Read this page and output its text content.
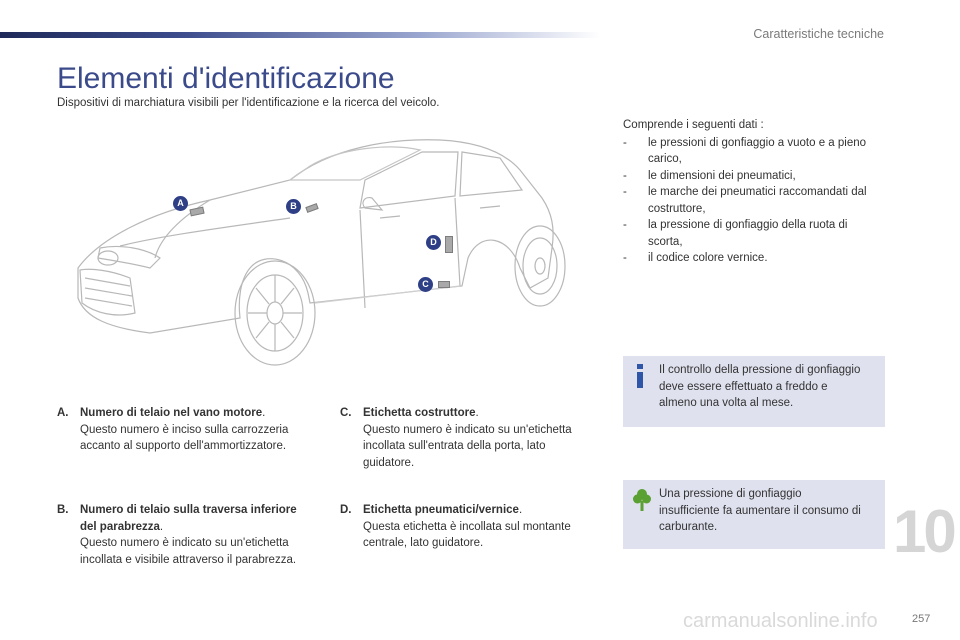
Caratteristiche tecniche
Elementi d'identificazione
Dispositivi di marchiatura visibili per l'identificazione e la ricerca del veicolo.
A	B
D
C
A. Numero di telaio nel vano motore.
Questo numero è inciso sulla carrozzeria
accanto al supporto dell'ammortizzatore.
B. Numero di telaio sulla traversa inferiore
del parabrezza.
Questo numero è indicato su un'etichetta
incollata e visibile attraverso il parabrezza.
C. Etichetta costruttore.
Questo numero è indicato su un'etichetta
incollata sull'entrata della porta, lato
guidatore.
D. Etichetta pneumatici/vernice.
Questa etichetta è incollata sul montante
centrale, lato guidatore.
Comprende i seguenti dati :
- le pressioni di gonfiaggio a vuoto e a pieno
carico,
- le dimensioni dei pneumatici,
- le marche dei pneumatici raccomandati dal
costruttore,
- la pressione di gonfiaggio della ruota di
scorta,
- il codice colore vernice.
Il controllo della pressione di gonfiaggio
deve essere effettuato a freddo e
almeno una volta al mese.
Una pressione di gonfiaggio
insufficiente fa aumentare il consumo di
carburante.	10
carmanualsonline.info	257
